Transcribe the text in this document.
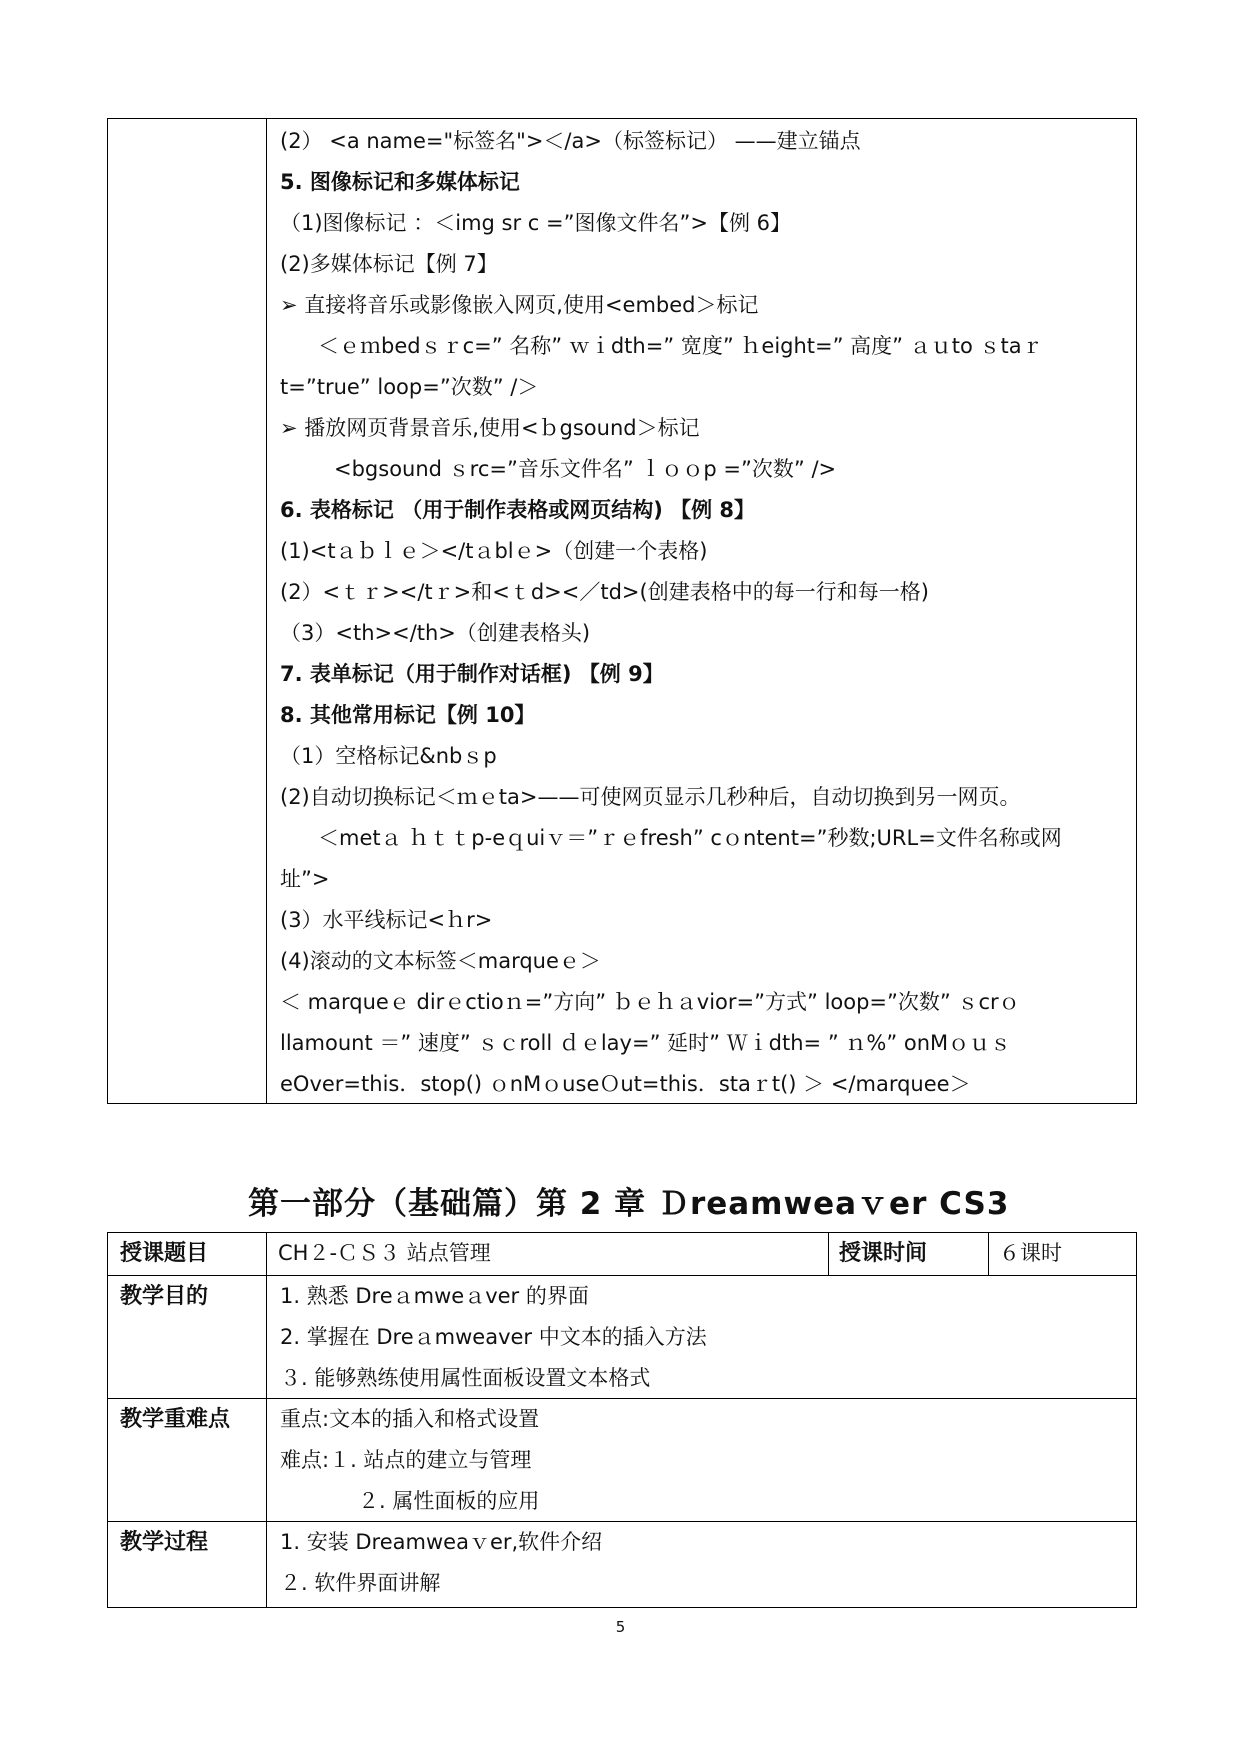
(2） <a name="标签名">＜/a>（标签标记） ——建立锚点
5. 图像标记和多媒体标记
（1)图像标记 ：＜img sr c =”图像文件名”>【例 6】
(2)多媒体标记【例 7】
➢ 直接将音乐或影像嵌入网页,使用<embed＞标记
＜ｅｍbedｓｒc=” 名称” ｗｉdth=” 宽度” ｈeight=” 高度” ａｕto ｓtaｒ
t=”true” loop=”次数” /＞
➢ 播放网页背景音乐,使用<ｂgsound＞标记
<bgsound ｓrc=”音乐文件名” ｌｏｏp =”次数” />
6. 表格标记 （用于制作表格或网页结构) 【例 8】
(1)<tａｂｌｅ＞</tａblｅ>（创建一个表格)
(2）<ｔｒ></tｒ>和<ｔd><／td>(创建表格中的每一行和每一格)
（3）<th></th>（创建表格头)
7. 表单标记（用于制作对话框) 【例 9】
8. 其他常用标记【例 10】
（1）空格标记&nbｓp
(2)自动切换标记＜ｍｅta>——可使网页显示几秒种后，自动切换到另一网页。
＜metａ ｈｔｔp-eｑuiｖ＝”ｒｅfresh” cｏntent=”秒数;URL=文件名称或网
址”>
(3）水平线标记<ｈr>
(4)滚动的文本标签＜marqueｅ＞
＜ marqueｅ dirｅctioｎ=”方向” ｂｅｈａvior=”方式” loop=”次数” ｓcrｏ
llamount ＝” 速度” ｓｃroll ｄｅlay=” 延时” Ｗｉdth= ” ｎ%” onMｏｕｓ
eOver=this．stop() ｏnMｏuseＯut=this．staｒt() ＞ </marquee＞
第一部分（基础篇）第 2 章 Ｄreamweaｖer CS3
授课题目	CH２-ＣＳ３ 站点管理	授课时间	６课时
教学目的	1. 熟悉 Dreａmweａver 的界面
2. 掌握在 Dreａmweaver 中文本的插入方法
３. 能够熟练使用属性面板设置文本格式
教学重难点	重点:文本的插入和格式设置
难点:１. 站点的建立与管理
２. 属性面板的应用
教学过程	1. 安装 Dreamweaｖer,软件介绍
２. 软件界面讲解
5
